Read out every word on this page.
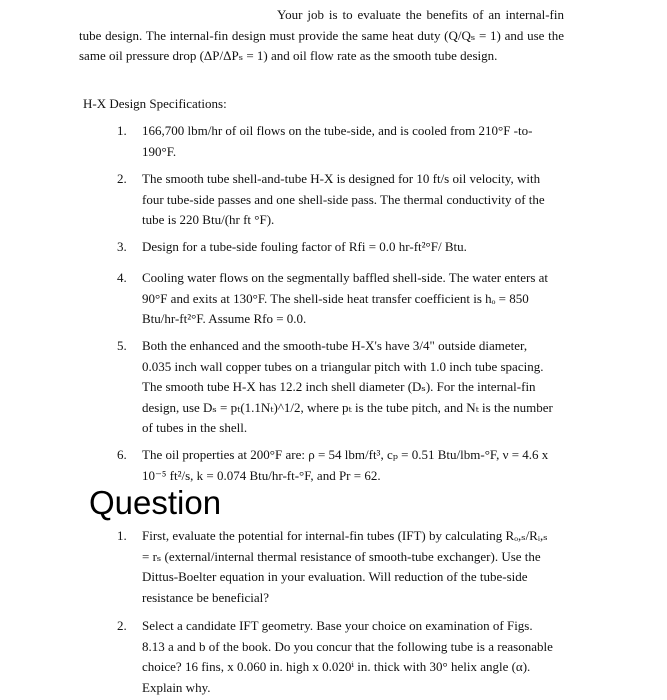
Your job is to evaluate the benefits of an internal-fin tube design. The internal-fin design must provide the same heat duty (Q/Qₛ = 1) and use the same oil pressure drop (ΔP/ΔPₛ = 1) and oil flow rate as the smooth tube design.
H-X Design Specifications:
1. 166,700 lbm/hr of oil flows on the tube-side, and is cooled from 210°F -to- 190°F.
2. The smooth tube shell-and-tube H-X is designed for 10 ft/s oil velocity, with four tube-side passes and one shell-side pass. The thermal conductivity of the tube is 220 Btu/(hr ft °F).
3. Design for a tube-side fouling factor of Rfi = 0.0 hr-ft²°F/ Btu.
4. Cooling water flows on the segmentally baffled shell-side. The water enters at 90°F and exits at 130°F. The shell-side heat transfer coefficient is hₒ = 850 Btu/hr-ft²°F. Assume Rfo = 0.0.
5. Both the enhanced and the smooth-tube H-X's have 3/4" outside diameter, 0.035 inch wall copper tubes on a triangular pitch with 1.0 inch tube spacing. The smooth tube H-X has 12.2 inch shell diameter (Dₛ). For the internal-fin design, use Dₛ = pₜ(1.1Nₜ)^1/2, where pₜ is the tube pitch, and Nₜ is the number of tubes in the shell.
6. The oil properties at 200°F are: ρ = 54 lbm/ft³, cₚ = 0.51 Btu/lbm-°F, ν = 4.6 x 10⁻⁵ ft²/s, k = 0.074 Btu/hr-ft-°F, and Pr = 62.
Question
1. First, evaluate the potential for internal-fin tubes (IFT) by calculating Rₒ,ₛ/Rᵢ,ₛ = rₛ (external/internal thermal resistance of smooth-tube exchanger). Use the Dittus-Boelter equation in your evaluation. Will reduction of the tube-side resistance be beneficial?
2. Select a candidate IFT geometry. Base your choice on examination of Figs. 8.13 a and b of the book. Do you concur that the following tube is a reasonable choice? 16 fins, x 0.060 in. high x 0.020ⁱ in. thick with 30° helix angle (α). Explain why.
